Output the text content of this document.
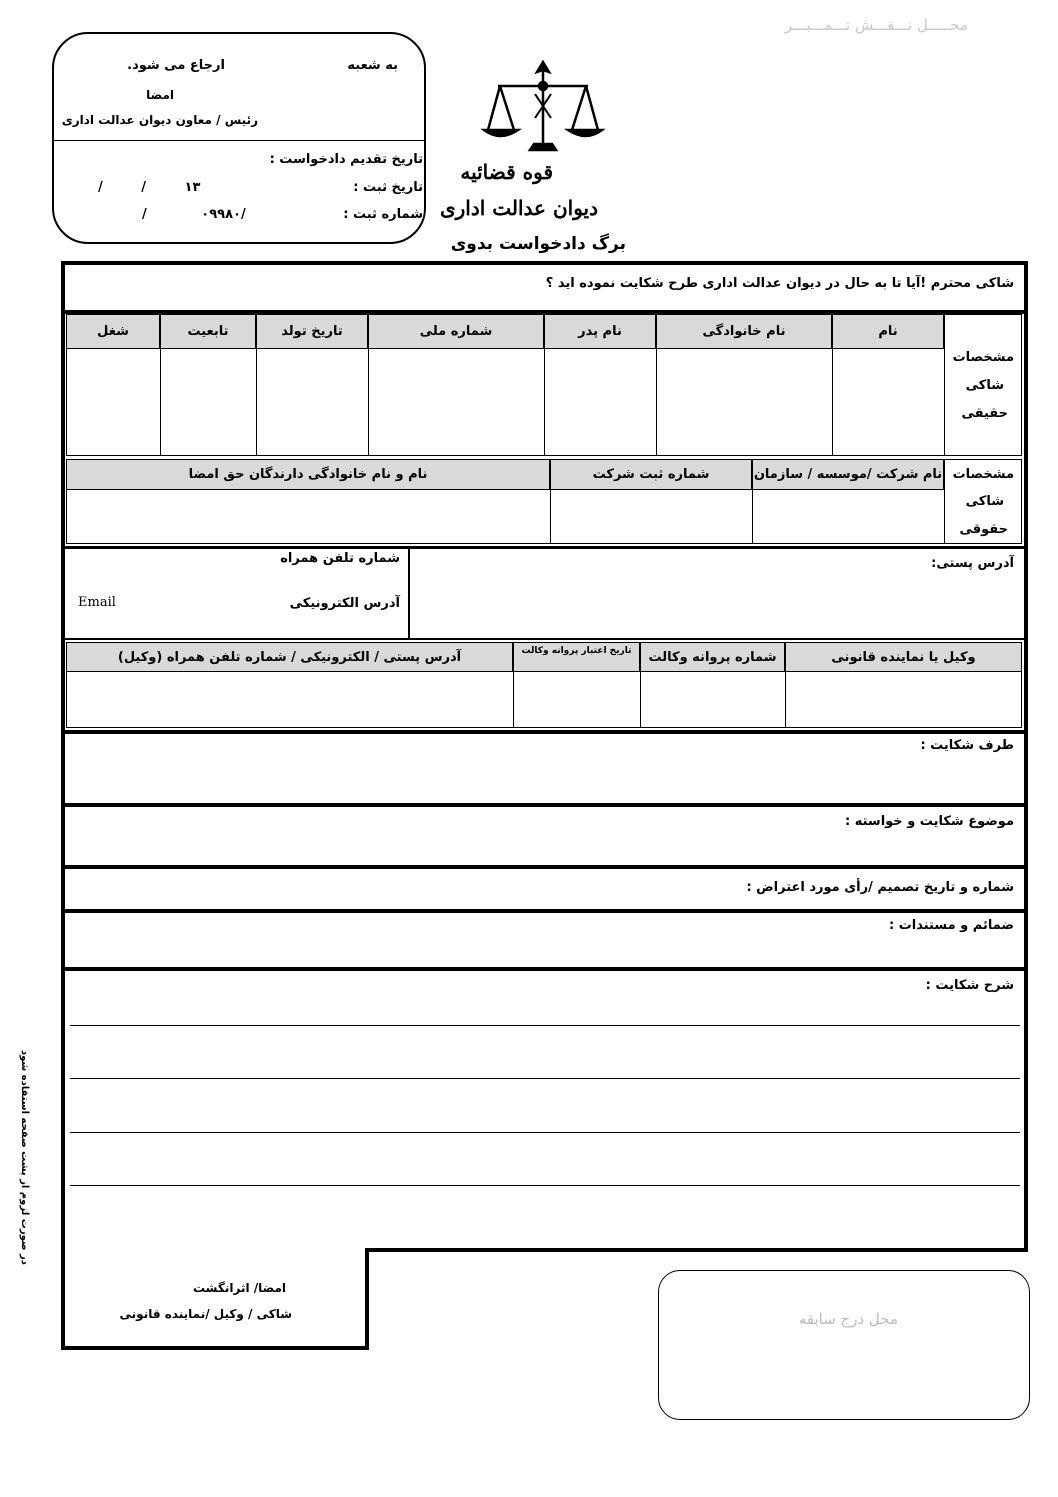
محـــــل نـــقـــش تـــمـــبـــر
به شعبه
ارجاع می شود.
امضا
رئیس / معاون دیوان عدالت اداری
تاریخ تقدیم دادخواست :
تاریخ ثبت :
/ / ۱۳
شماره ثبت :
/ ۰۹۹۸۰/
قوه قضائیه
دیوان عدالت اداری
برگ دادخواست بدوی
شاکی محترم !آیا تا به حال در دیوان عدالت اداری طرح شکایت نموده اید ؟
مشخصات
شاکی
حقیقی
نام
نام خانوادگی
نام پدر
شماره ملی
تاریخ تولد
تابعیت
شغل
مشخصات
شاکی
حقوقی
نام شرکت /موسسه / سازمان
شماره ثبت شرکت
نام و نام خانوادگی دارندگان حق امضا
آدرس پستی:
شماره تلفن همراه
آدرس الکترونیکی
Email
وکیل یا نماینده قانونی
شماره پروانه وکالت
تاریخ اعتبار پروانه وکالت
آدرس پستی / الکترونیکی / شماره تلفن همراه (وکیل)
طرف شکایت :
موضوع شکایت و خواسته :
شماره و تاریخ تصمیم /رأی مورد اعتراض :
ضمائم و مستندات :
شرح شکایت :
امضا/ اثرانگشت
شاکی / وکیل /نماینده قانونی	محل درج سابقه
در صورت لزوم از پشت صفحه استفاده شود
